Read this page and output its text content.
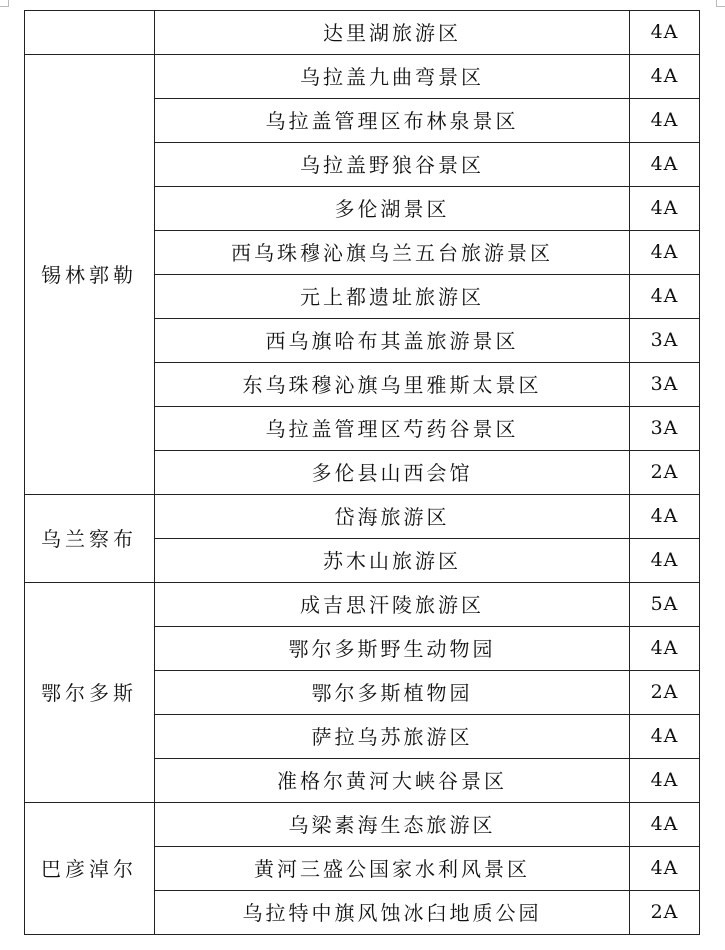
	达里湖旅游区	4A
锡林郭勒	乌拉盖九曲弯景区	4A
	乌拉盖管理区布林泉景区	4A
	乌拉盖野狼谷景区	4A
	多伦湖景区	4A
	西乌珠穆沁旗乌兰五台旅游景区	4A
	元上都遗址旅游区	4A
	西乌旗哈布其盖旅游景区	3A
	东乌珠穆沁旗乌里雅斯太景区	3A
	乌拉盖管理区芍药谷景区	3A
	多伦县山西会馆	2A
乌兰察布	岱海旅游区	4A
	苏木山旅游区	4A
鄂尔多斯	成吉思汗陵旅游区	5A
	鄂尔多斯野生动物园	4A
	鄂尔多斯植物园	2A
	萨拉乌苏旅游区	4A
	准格尔黄河大峡谷景区	4A
巴彦淖尔	乌梁素海生态旅游区	4A
	黄河三盛公国家水利风景区	4A
	乌拉特中旗风蚀冰臼地质公园	2A
